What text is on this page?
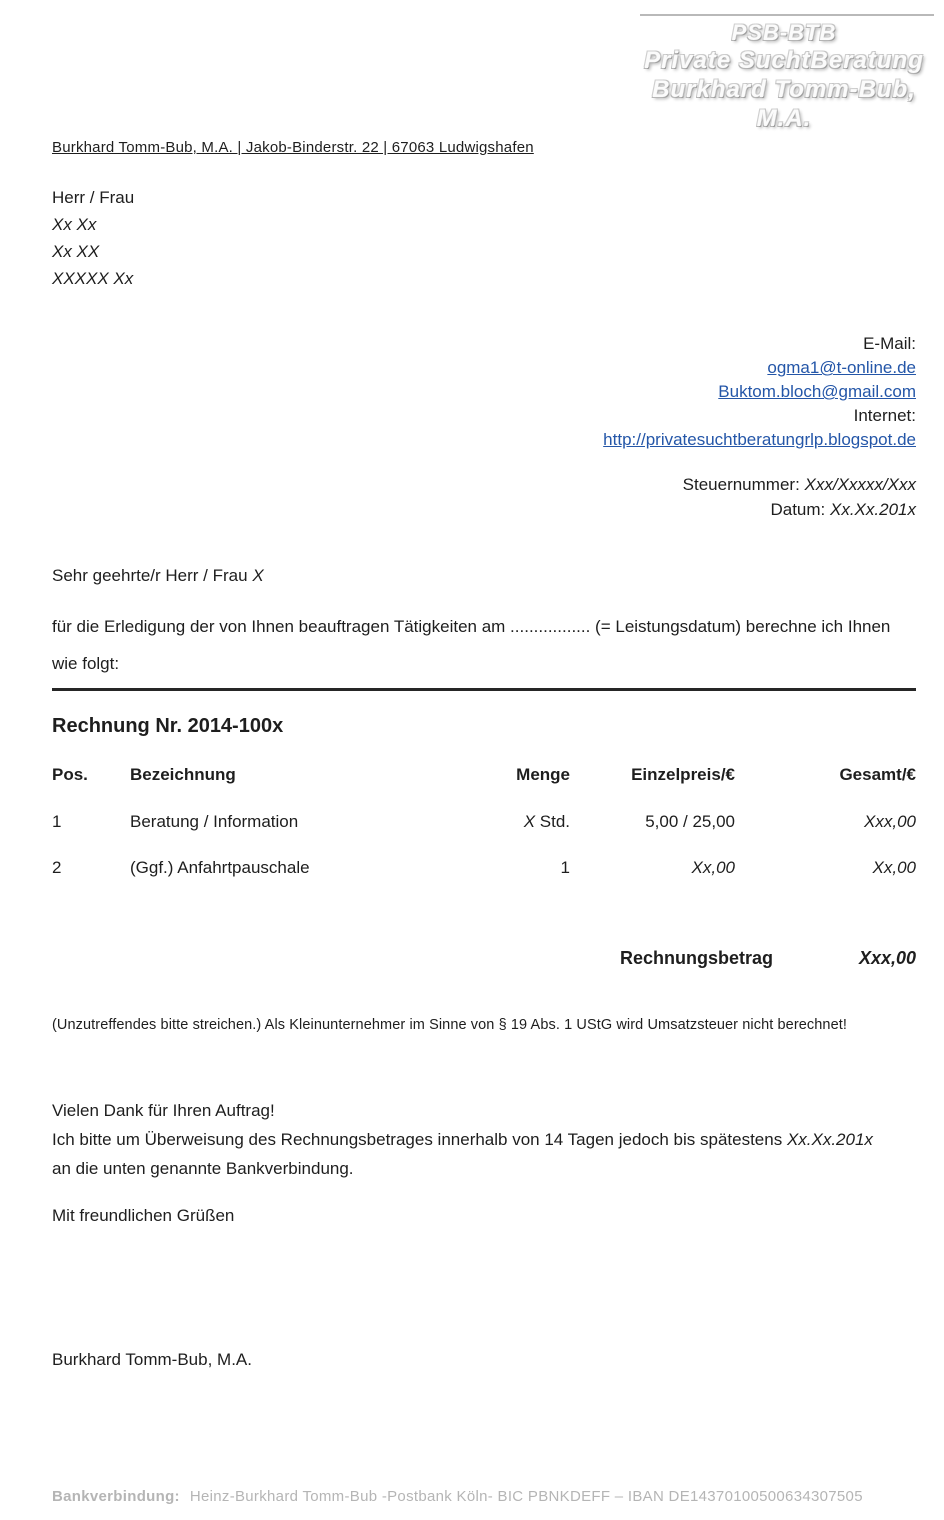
PSB-BTB
Private SuchtBeratung
Burkhard Tomm-Bub, M.A.
Burkhard Tomm-Bub, M.A. | Jakob-Binderstr. 22 | 67063 Ludwigshafen
Herr / Frau
Xx Xx
Xx XX
XXXXX Xx
E-Mail:
ogma1@t-online.de
Buktom.bloch@gmail.com
Internet:
http://privatesuchtberatungrlp.blogspot.de
Steuernummer: Xxx/Xxxxx/Xxx
Datum: Xx.Xx.201x
Sehr geehrte/r Herr / Frau X
für die Erledigung der von Ihnen beauftragen Tätigkeiten am ................. (= Leistungsdatum) berechne ich Ihnen
wie folgt:
Rechnung Nr. 2014-100x
Pos.	Bezeichnung	Menge	Einzelpreis/€	Gesamt/€
1	Beratung / Information	X Std.	5,00 / 25,00	Xxx,00
2	(Ggf.) Anfahrtpauschale	1	Xx,00	Xx,00
Rechnungsbetrag	Xxx,00
(Unzutreffendes bitte streichen.) Als Kleinunternehmer im Sinne von § 19 Abs. 1 UStG wird Umsatzsteuer nicht berechnet!
Vielen Dank für Ihren Auftrag!
Ich bitte um Überweisung des Rechnungsbetrages innerhalb von 14 Tagen jedoch bis spätestens Xx.Xx.201x
an die unten genannte Bankverbindung.
Mit freundlichen Grüßen
Burkhard Tomm-Bub, M.A.
Bankverbindung: Heinz-Burkhard Tomm-Bub -Postbank Köln- BIC PBNKDEFF – IBAN DE14370100500634307505
